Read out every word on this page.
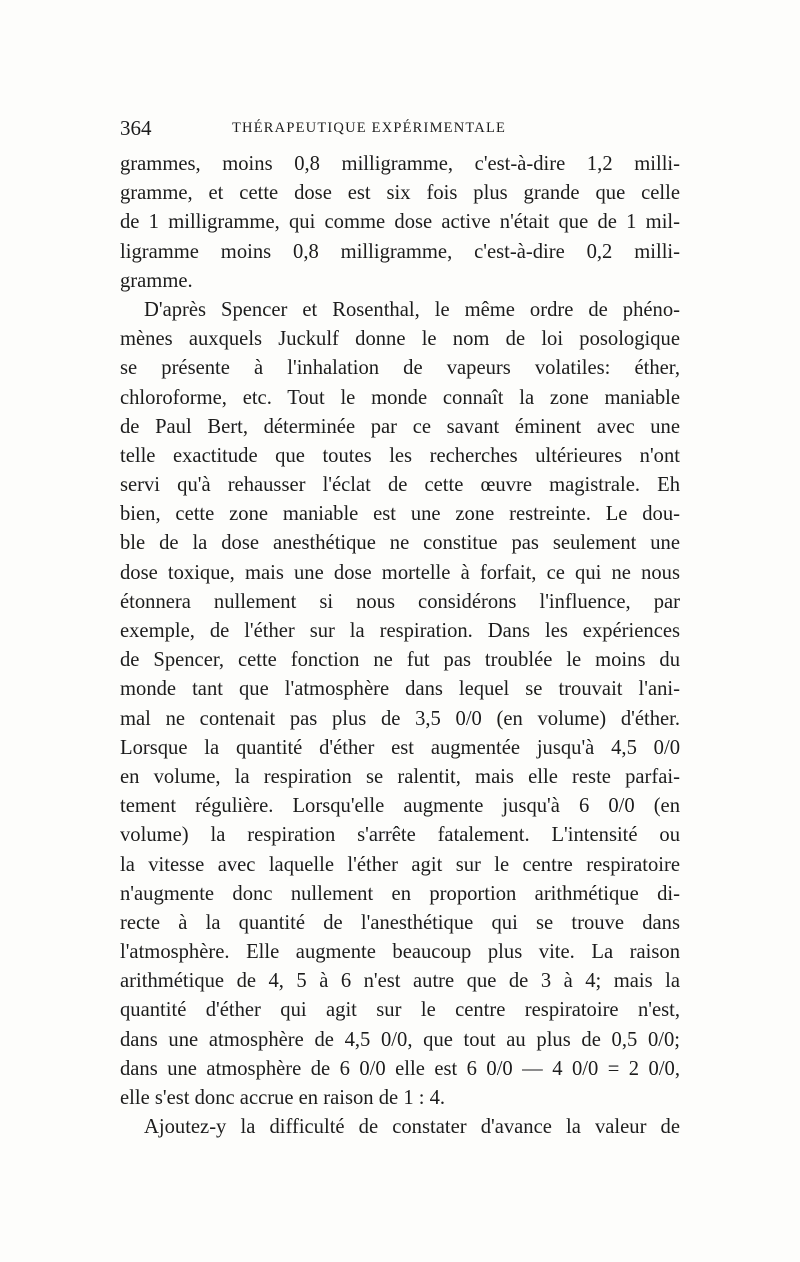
364	THÉRAPEUTIQUE EXPÉRIMENTALE
grammes, moins 0,8 milligramme, c'est-à-dire 1,2 milli-
gramme, et cette dose est six fois plus grande que celle
de 1 milligramme, qui comme dose active n'était que de 1 mil-
ligramme moins 0,8 milligramme, c'est-à-dire 0,2 milli-
gramme.
D'après Spencer et Rosenthal, le même ordre de phéno-
mènes auxquels Juckulf donne le nom de loi posologique
se présente à l'inhalation de vapeurs volatiles: éther,
chloroforme, etc. Tout le monde connaît la zone maniable
de Paul Bert, déterminée par ce savant éminent avec une
telle exactitude que toutes les recherches ultérieures n'ont
servi qu'à rehausser l'éclat de cette œuvre magistrale. Eh
bien, cette zone maniable est une zone restreinte. Le dou-
ble de la dose anesthétique ne constitue pas seulement une
dose toxique, mais une dose mortelle à forfait, ce qui ne nous
étonnera nullement si nous considérons l'influence, par
exemple, de l'éther sur la respiration. Dans les expériences
de Spencer, cette fonction ne fut pas troublée le moins du
monde tant que l'atmosphère dans lequel se trouvait l'ani-
mal ne contenait pas plus de 3,5 0/0 (en volume) d'éther.
Lorsque la quantité d'éther est augmentée jusqu'à 4,5 0/0
en volume, la respiration se ralentit, mais elle reste parfai-
tement régulière. Lorsqu'elle augmente jusqu'à 6 0/0 (en
volume) la respiration s'arrête fatalement. L'intensité ou
la vitesse avec laquelle l'éther agit sur le centre respiratoire
n'augmente donc nullement en proportion arithmétique di-
recte à la quantité de l'anesthétique qui se trouve dans
l'atmosphère. Elle augmente beaucoup plus vite. La raison
arithmétique de 4, 5 à 6 n'est autre que de 3 à 4; mais la
quantité d'éther qui agit sur le centre respiratoire n'est,
dans une atmosphère de 4,5 0/0, que tout au plus de 0,5 0/0;
dans une atmosphère de 6 0/0 elle est 6 0/0 — 4 0/0 = 2 0/0,
elle s'est donc accrue en raison de 1 : 4.
Ajoutez-y la difficulté de constater d'avance la valeur de
